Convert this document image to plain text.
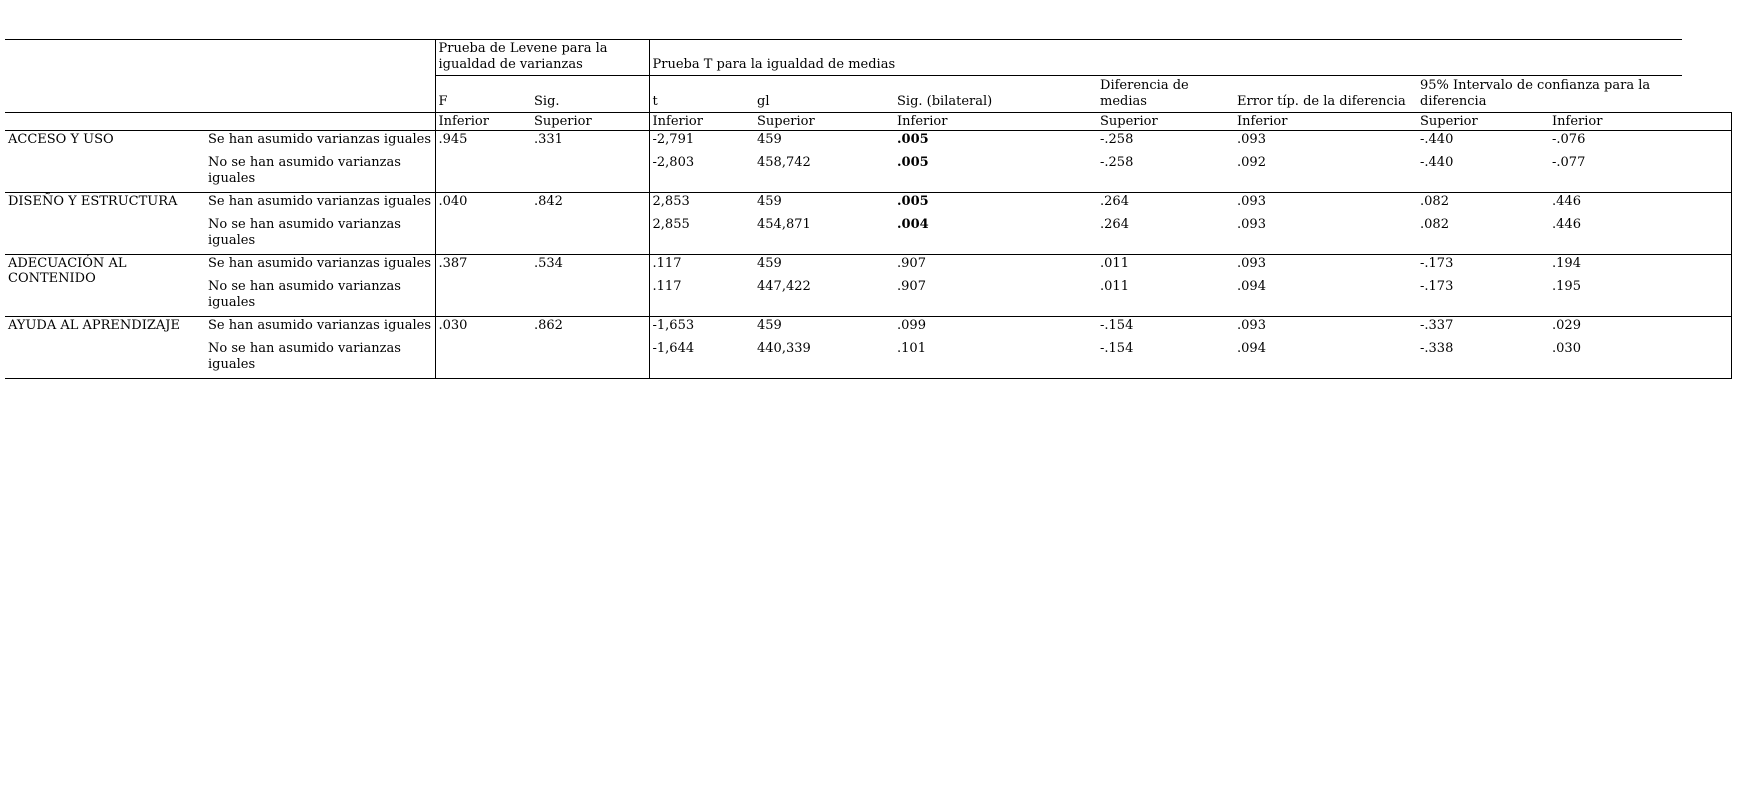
		Prueba de Levene para la igualdad de varianzas		Prueba T para la igualdad de medias							
		F	Sig.	t	gl	Sig. (bilateral)	Diferencia de medias	Error típ. de la diferencia	95% Intervalo de confianza para la diferencia		
		Inferior	Superior	Inferior	Superior	Inferior	Superior	Inferior	Superior	Inferior	
ACCESO Y USO	Se han asumido varianzas iguales	.945	.331	-2,791	459	.005	-.258	.093	-.440	-.076	
	No se han asumido varianzas iguales			-2,803	458,742	.005	-.258	.092	-.440	-.077	
DISEÑO Y ESTRUCTURA	Se han asumido varianzas iguales	.040	.842	2,853	459	.005	.264	.093	.082	.446	
	No se han asumido varianzas iguales			2,855	454,871	.004	.264	.093	.082	.446	
ADECUACIÓN AL CONTENIDO	Se han asumido varianzas iguales	.387	.534	.117	459	.907	.011	.093	-.173	.194	
	No se han asumido varianzas iguales			.117	447,422	.907	.011	.094	-.173	.195	
AYUDA AL APRENDIZAJE	Se han asumido varianzas iguales	.030	.862	-1,653	459	.099	-.154	.093	-.337	.029	
	No se han asumido varianzas iguales			-1,644	440,339	.101	-.154	.094	-.338	.030	
